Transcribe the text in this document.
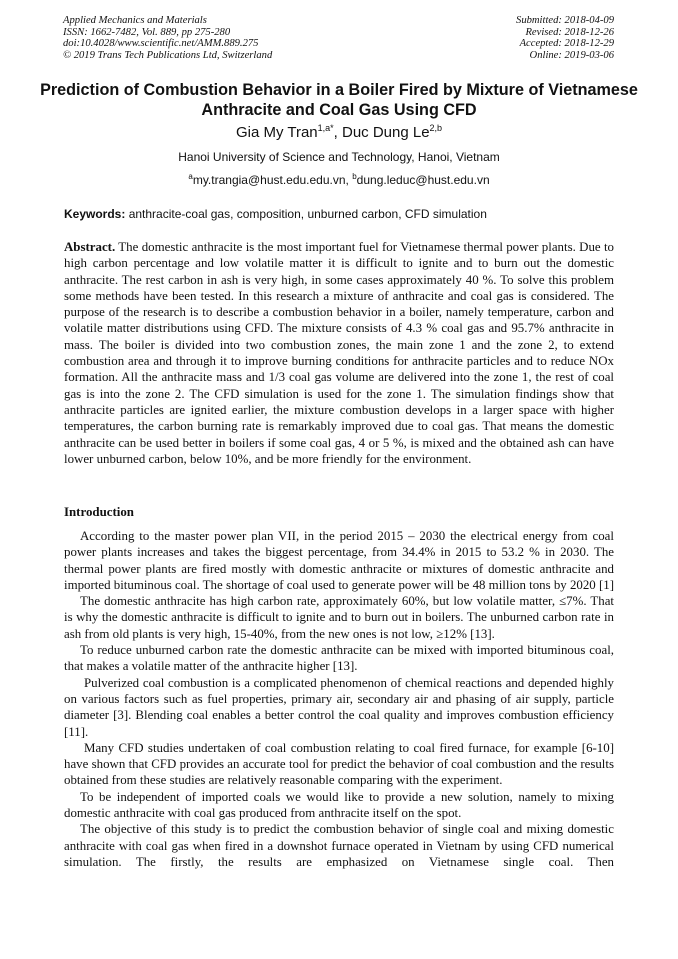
Applied Mechanics and Materials
ISSN: 1662-7482, Vol. 889, pp 275-280
doi:10.4028/www.scientific.net/AMM.889.275
© 2019 Trans Tech Publications Ltd, Switzerland
Submitted: 2018-04-09
Revised: 2018-12-26
Accepted: 2018-12-29
Online: 2019-03-06
Prediction of Combustion Behavior in a Boiler Fired by Mixture of Vietnamese Anthracite and Coal Gas Using CFD
Gia My Tran$^{1,a*}$, Duc Dung Le$^{2,b}$
Hanoi University of Science and Technology, Hanoi, Vietnam
$^a$my.trangia@hust.edu.edu.vn, $^b$dung.leduc@hust.edu.vn
Keywords: anthracite-coal gas, composition, unburned carbon, CFD simulation

Abstract. The domestic anthracite is the most important fuel for Vietnamese thermal power plants. Due to high carbon percentage and low volatile matter it is difficult to ignite and to burn out the domestic anthracite. The rest carbon in ash is very high, in some cases approximately 40 %. To solve this problem some methods have been tested. In this research a mixture of anthracite and coal gas is considered. The purpose of the research is to describe a combustion behavior in a boiler, namely temperature, carbon and volatile matter distributions using CFD. The mixture consists of 4.3 % coal gas and 95.7% anthracite in mass. The boiler is divided into two combustion zones, the main zone 1 and the zone 2, to extend combustion area and through it to improve burning conditions for anthracite particles and to reduce NOx formation. All the anthracite mass and 1/3 coal gas volume are delivered into the zone 1, the rest of coal gas is into the zone 2. The CFD simulation is used for the zone 1. The simulation findings show that anthracite particles are ignited earlier, the mixture combustion develops in a larger space with higher temperatures, the carbon burning rate is remarkably improved due to coal gas. That means the domestic anthracite can be used better in boilers if some coal gas, 4 or 5 %, is mixed and the obtained ash can have lower unburned carbon, below 10%, and be more friendly for the environment.

Introduction

According to the master power plan VII, in the period 2015 – 2030 the electrical energy from coal power plants increases and takes the biggest percentage, from 34.4% in 2015 to 53.2 % in 2030. The thermal power plants are fired mostly with domestic anthracite or mixtures of domestic anthracite and imported bituminous coal. The shortage of coal used to generate power will be 48 million tons by 2020 [1]

The domestic anthracite has high carbon rate, approximately 60%, but low volatile matter, ≤7%. That is why the domestic anthracite is difficult to ignite and to burn out in boilers. The unburned carbon rate in ash from old plants is very high, 15-40%, from the new ones is not low, ≥12% [13].

To reduce unburned carbon rate the domestic anthracite can be mixed with imported bituminous coal, that makes a volatile matter of the anthracite higher [13].

Pulverized coal combustion is a complicated phenomenon of chemical reactions and depended highly on various factors such as fuel properties, primary air, secondary air and phasing of air supply, particle diameter [3]. Blending coal enables a better control the coal quality and improves combustion efficiency [11].

Many CFD studies undertaken of coal combustion relating to coal fired furnace, for example [6-10] have shown that CFD provides an accurate tool for predict the behavior of coal combustion and the results obtained from these studies are relatively reasonable comparing with the experiment.

To be independent of imported coals we would like to provide a new solution, namely to mixing domestic anthracite with coal gas produced from anthracite itself on the spot.

The objective of this study is to predict the combustion behavior of single coal and mixing domestic anthracite with coal gas when fired in a downshot furnace operated in Vietnam by using CFD numerical simulation. The firstly, the results are emphasized on Vietnamese single coal. Then
